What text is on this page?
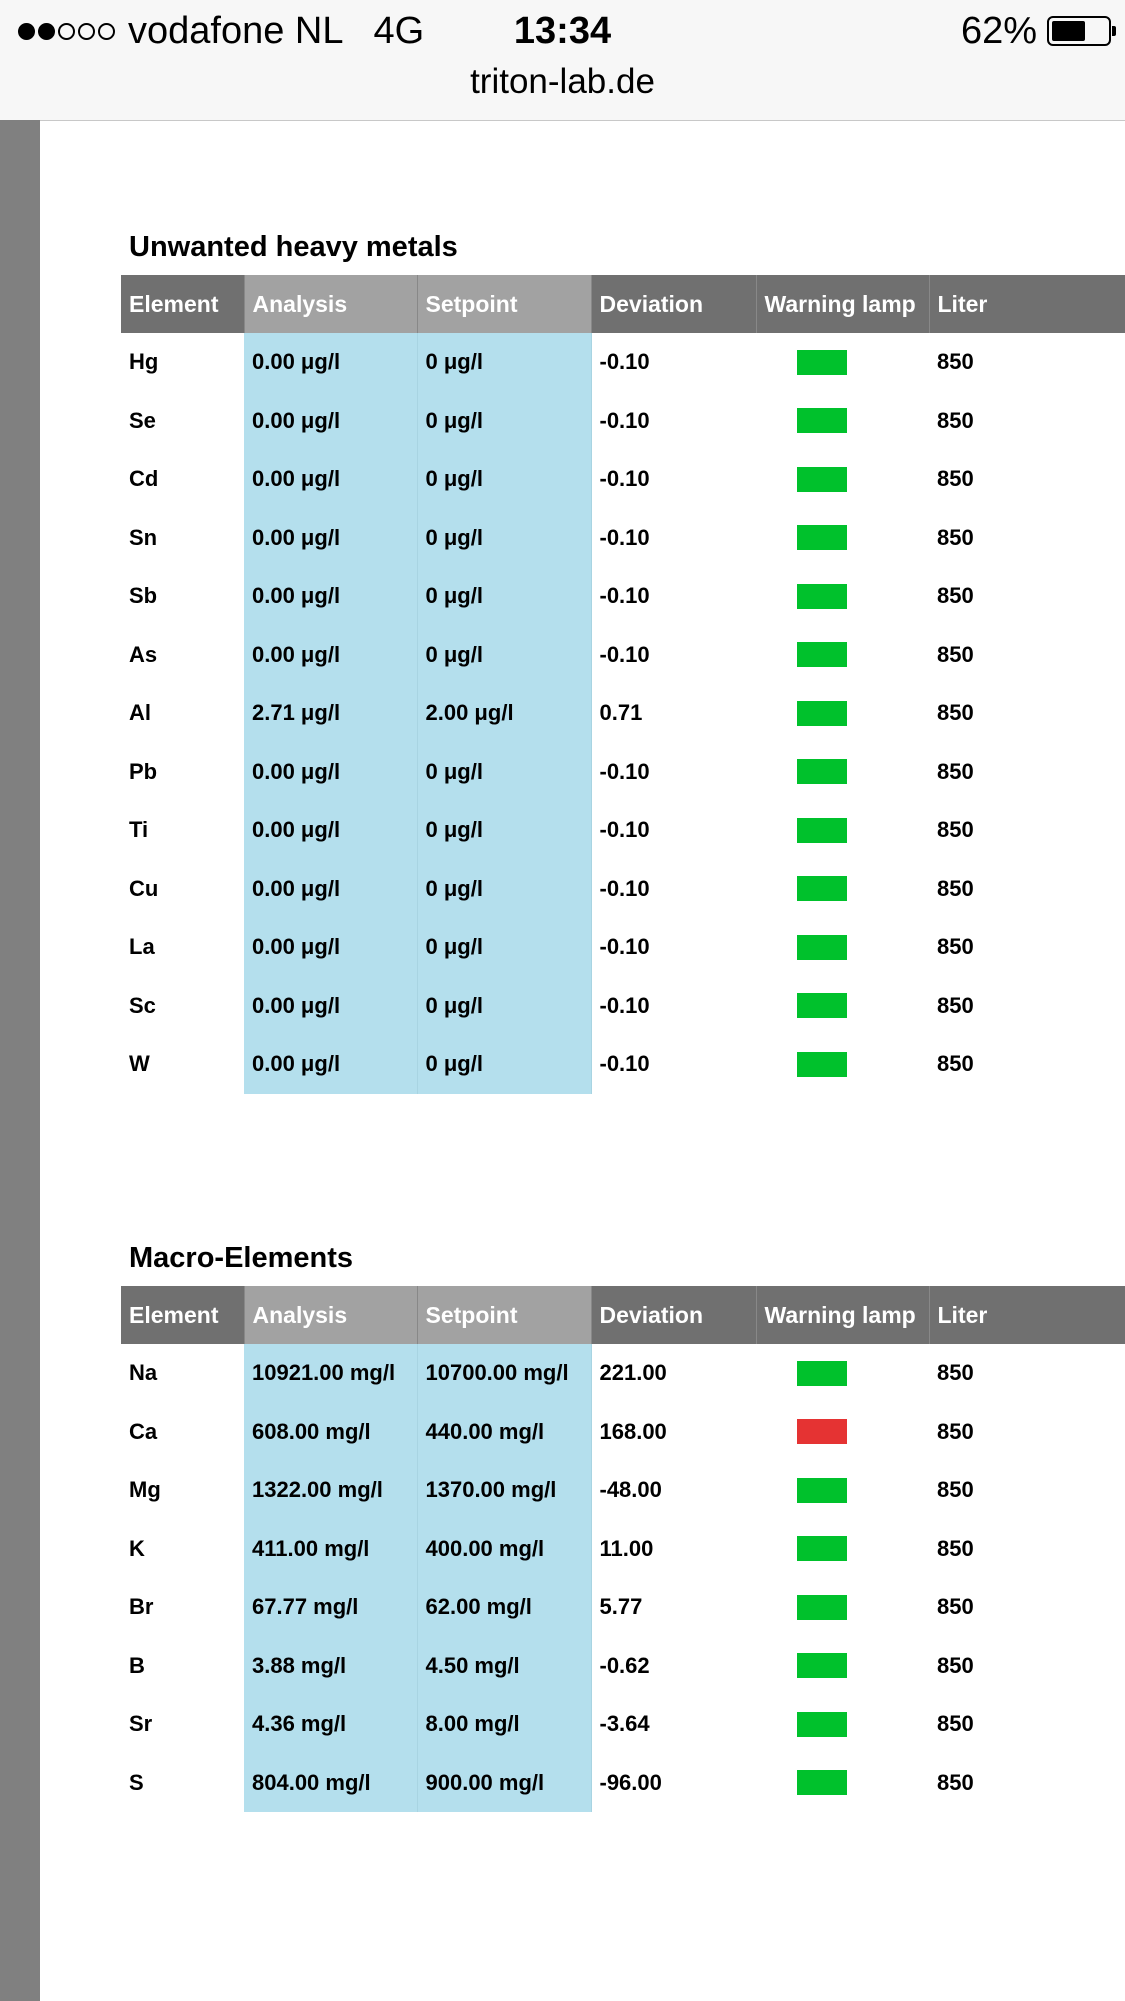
vodafone NL 4G	13:34	62%
triton-lab.de
Unwanted heavy metals
Element	Analysis	Setpoint	Deviation	Warning lamp	Liter
Hg	0.00 μg/l	0 μg/l	-0.10		850
Se	0.00 μg/l	0 μg/l	-0.10		850
Cd	0.00 μg/l	0 μg/l	-0.10		850
Sn	0.00 μg/l	0 μg/l	-0.10		850
Sb	0.00 μg/l	0 μg/l	-0.10		850
As	0.00 μg/l	0 μg/l	-0.10		850
Al	2.71 μg/l	2.00 μg/l	0.71		850
Pb	0.00 μg/l	0 μg/l	-0.10		850
Ti	0.00 μg/l	0 μg/l	-0.10		850
Cu	0.00 μg/l	0 μg/l	-0.10		850
La	0.00 μg/l	0 μg/l	-0.10		850
Sc	0.00 μg/l	0 μg/l	-0.10		850
W	0.00 μg/l	0 μg/l	-0.10		850
Macro-Elements
Element	Analysis	Setpoint	Deviation	Warning lamp	Liter
Na	10921.00 mg/l	10700.00 mg/l	221.00		850
Ca	608.00 mg/l	440.00 mg/l	168.00		850
Mg	1322.00 mg/l	1370.00 mg/l	-48.00		850
K	411.00 mg/l	400.00 mg/l	11.00		850
Br	67.77 mg/l	62.00 mg/l	5.77		850
B	3.88 mg/l	4.50 mg/l	-0.62		850
Sr	4.36 mg/l	8.00 mg/l	-3.64		850
S	804.00 mg/l	900.00 mg/l	-96.00		850
